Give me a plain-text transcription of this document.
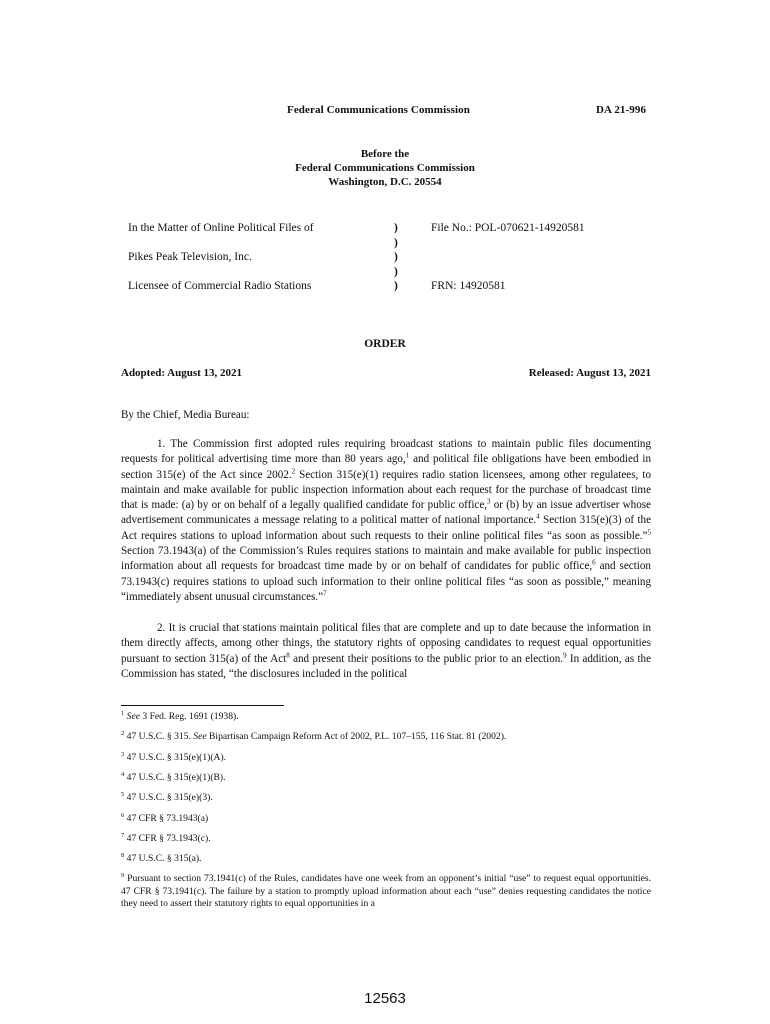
Federal Communications Commission	DA 21-996
Before the
Federal Communications Commission
Washington, D.C. 20554
In the Matter of Online Political Files of
Pikes Peak Television, Inc.
Licensee of Commercial Radio Stations
)
)
)
)
)
File No.: POL-070621-14920581
FRN: 14920581
ORDER
Adopted: August 13, 2021	Released: August 13, 2021
By the Chief, Media Bureau:

1. The Commission first adopted rules requiring broadcast stations to maintain public files documenting requests for political advertising time more than 80 years ago,$^1$ and political file obligations have been embodied in section 315(e) of the Act since 2002.$^2$ Section 315(e)(1) requires radio station licensees, among other regulatees, to maintain and make available for public inspection information about each request for the purchase of broadcast time that is made: (a) by or on behalf of a legally qualified candidate for public office,$^3$ or (b) by an issue advertiser whose advertisement communicates a message relating to a political matter of national importance.$^4$ Section 315(e)(3) of the Act requires stations to upload information about such requests to their online political files “as soon as possible.”$^5$ Section 73.1943(a) of the Commission’s Rules requires stations to maintain and make available for public inspection information about all requests for broadcast time made by or on behalf of candidates for public office,$^6$ and section 73.1943(c) requires stations to upload such information to their online political files “as soon as possible,” meaning “immediately absent unusual circumstances.”$^7$

2. It is crucial that stations maintain political files that are complete and up to date because the information in them directly affects, among other things, the statutory rights of opposing candidates to request equal opportunities pursuant to section 315(a) of the Act$^8$ and present their positions to the public prior to an election.$^9$ In addition, as the Commission has stated, “the disclosures included in the political

$^1$ See 3 Fed. Reg. 1691 (1938).
$^2$ 47 U.S.C. § 315. See Bipartisan Campaign Reform Act of 2002, P.L. 107–155, 116 Stat. 81 (2002).
$^3$ 47 U.S.C. § 315(e)(1)(A).
$^4$ 47 U.S.C. § 315(e)(1)(B).
$^5$ 47 U.S.C. § 315(e)(3).
$^6$ 47 CFR § 73.1943(a)
$^7$ 47 CFR § 73.1943(c).
$^8$ 47 U.S.C. § 315(a).
$^9$ Pursuant to section 73.1941(c) of the Rules, candidates have one week from an opponent’s initial “use” to request equal opportunities. 47 CFR § 73.1941(c). The failure by a station to promptly upload information about each “use” denies requesting candidates the notice they need to assert their statutory rights to equal opportunities in a
12563
